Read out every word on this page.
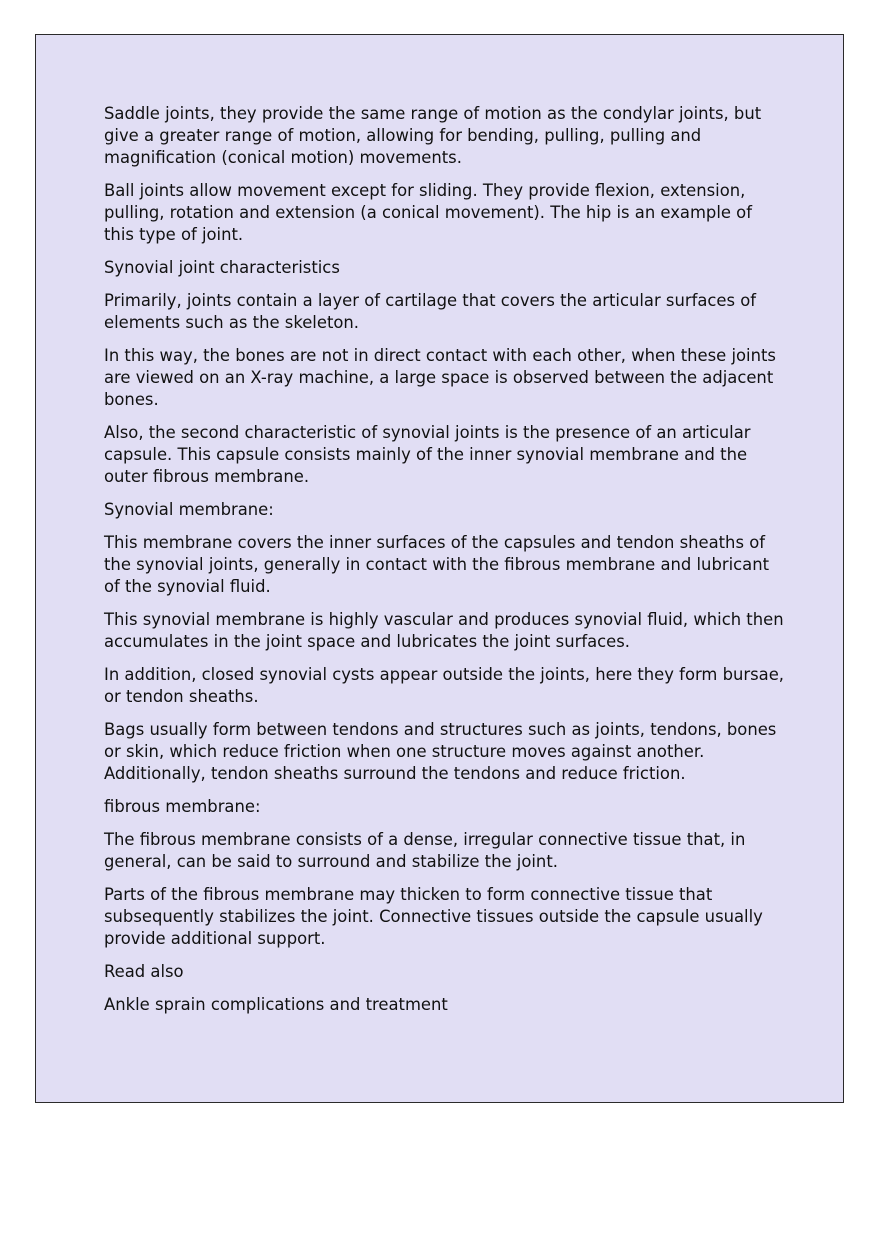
Saddle joints, they provide the same range of motion as the condylar joints, but give a greater range of motion, allowing for bending, pulling, pulling and magnification (conical motion) movements.

Ball joints allow movement except for sliding. They provide flexion, extension, pulling, rotation and extension (a conical movement). The hip is an example of this type of joint.

Synovial joint characteristics

Primarily, joints contain a layer of cartilage that covers the articular surfaces of elements such as the skeleton.

In this way, the bones are not in direct contact with each other, when these joints are viewed on an X-ray machine, a large space is observed between the adjacent bones.

Also, the second characteristic of synovial joints is the presence of an articular capsule. This capsule consists mainly of the inner synovial membrane and the outer fibrous membrane.

Synovial membrane:

This membrane covers the inner surfaces of the capsules and tendon sheaths of the synovial joints, generally in contact with the fibrous membrane and lubricant of the synovial fluid.

This synovial membrane is highly vascular and produces synovial fluid, which then accumulates in the joint space and lubricates the joint surfaces.

In addition, closed synovial cysts appear outside the joints, here they form bursae, or tendon sheaths.

Bags usually form between tendons and structures such as joints, tendons, bones or skin, which reduce friction when one structure moves against another. Additionally, tendon sheaths surround the tendons and reduce friction.

fibrous membrane:

The fibrous membrane consists of a dense, irregular connective tissue that, in general, can be said to surround and stabilize the joint.

Parts of the fibrous membrane may thicken to form connective tissue that subsequently stabilizes the joint. Connective tissues outside the capsule usually provide additional support.

Read also

Ankle sprain complications and treatment
